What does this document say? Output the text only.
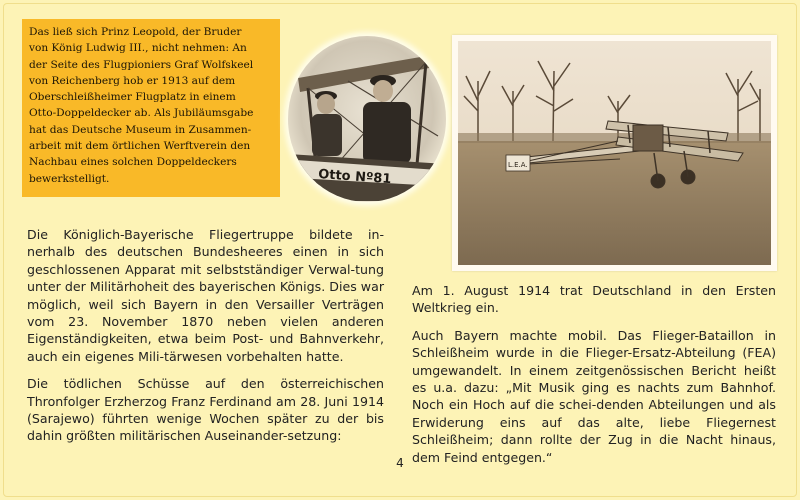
Das ließ sich Prinz Leopold, der Bruder
von König Ludwig III., nicht nehmen: An
der Seite des Flugpioniers Graf Wolfskeel
von Reichenberg hob er 1913 auf dem
Oberschleißheimer Flugplatz in einem
Otto-Doppeldecker ab. Als Jubiläumsgabe
hat das Deutsche Museum in Zusammen-
arbeit mit dem örtlichen Werftverein den
Nachbau eines solchen Doppeldeckers
bewerkstelligt.	Otto Nº81
L.E.A.

Die Königlich-Bayerische Fliegertruppe bildete in-nerhalb des deutschen Bundesheeres einen in sich geschlossenen Apparat mit selbstständiger Verwal-tung unter der Militärhoheit des bayerischen Königs. Dies war möglich, weil sich Bayern in den Versailler Verträgen vom 23. November 1870 neben vielen anderen Eigenständigkeiten, etwa beim Post- und Bahnverkehr, auch ein eigenes Mili-tärwesen vorbehalten hatte.

Die tödlichen Schüsse auf den österreichischen Thronfolger Erzherzog Franz Ferdinand am 28. Juni 1914 (Sarajewo) führten wenige Wochen später zu der bis dahin größten militärischen Auseinander-setzung:

Am 1. August 1914 trat Deutschland in den Ersten Weltkrieg ein.

Auch Bayern machte mobil. Das Flieger-Bataillon in Schleißheim wurde in die Flieger-Ersatz-Abteilung (FEA) umgewandelt. In einem zeitgenössischen Bericht heißt es u.a. dazu: „Mit Musik ging es nachts zum Bahnhof. Noch ein Hoch auf die schei-denden Abteilungen und als Erwiderung eins auf das alte, liebe Fliegernest Schleißheim; dann rollte der Zug in die Nacht hinaus, dem Feind entgegen.“

4
